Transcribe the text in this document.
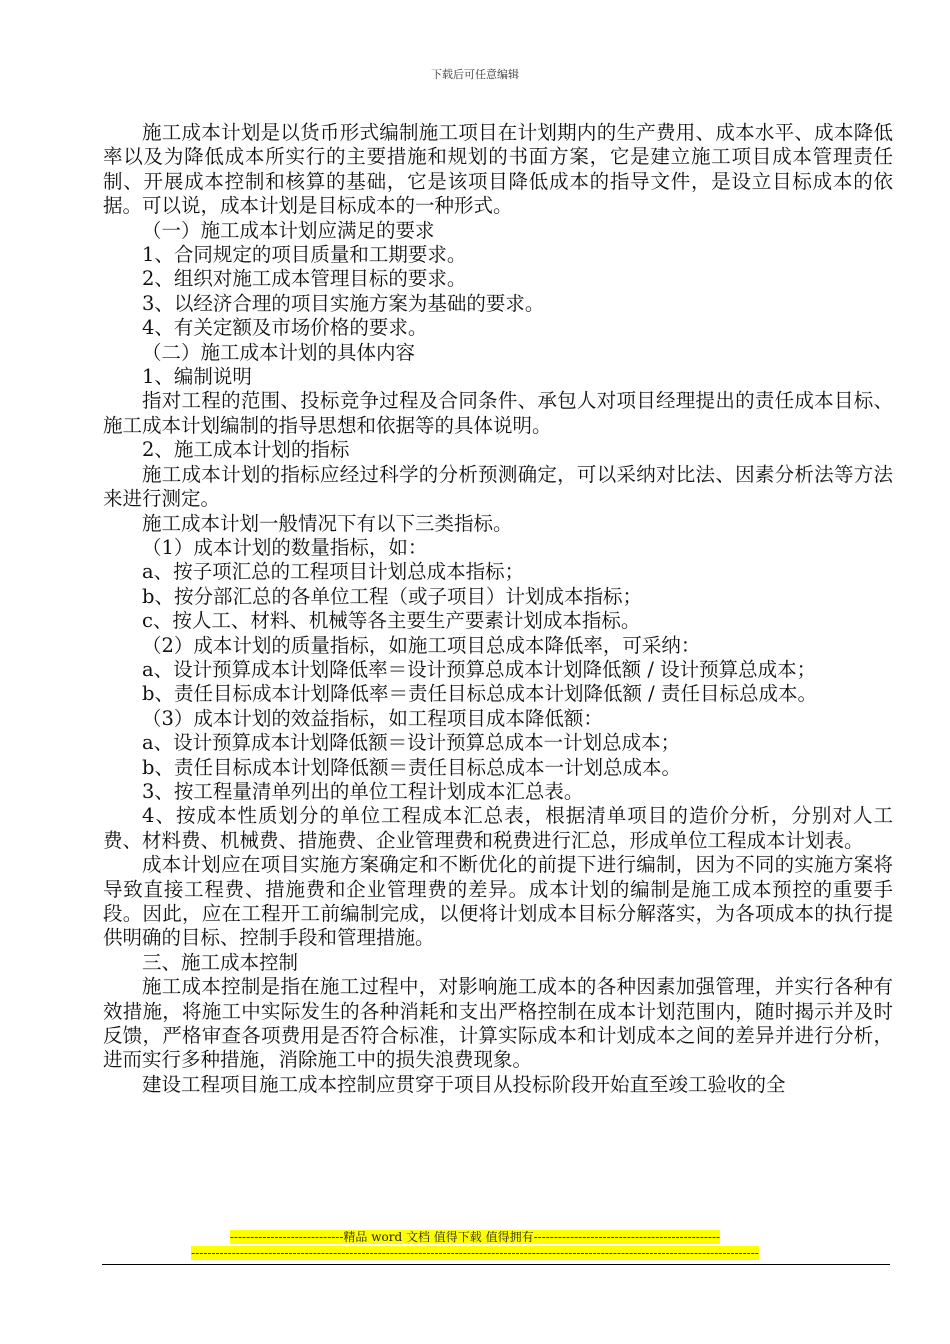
下载后可任意编辑

施工成本计划是以货币形式编制施工项目在计划期内的生产费用、成本水平、成本降低率以及为降低成本所实行的主要措施和规划的书面方案，它是建立施工项目成本管理责任制、开展成本控制和核算的基础，它是该项目降低成本的指导文件，是设立目标成本的依据。可以说，成本计划是目标成本的一种形式。

（一）施工成本计划应满足的要求

1、合同规定的项目质量和工期要求。

2、组织对施工成本管理目标的要求。

3、以经济合理的项目实施方案为基础的要求。

4、有关定额及市场价格的要求。

（二）施工成本计划的具体内容

1、编制说明

指对工程的范围、投标竞争过程及合同条件、承包人对项目经理提出的责任成本目标、施工成本计划编制的指导思想和依据等的具体说明。

2、施工成本计划的指标

施工成本计划的指标应经过科学的分析预测确定，可以采纳对比法、因素分析法等方法来进行测定。

施工成本计划一般情况下有以下三类指标。

（1）成本计划的数量指标，如：

a、按子项汇总的工程项目计划总成本指标；

b、按分部汇总的各单位工程（或子项目）计划成本指标；

c、按人工、材料、机械等各主要生产要素计划成本指标。

（2）成本计划的质量指标，如施工项目总成本降低率，可采纳：

a、设计预算成本计划降低率＝设计预算总成本计划降低额 / 设计预算总成本；

b、责任目标成本计划降低率＝责任目标总成本计划降低额 / 责任目标总成本。

（3）成本计划的效益指标，如工程项目成本降低额：

a、设计预算成本计划降低额＝设计预算总成本一计划总成本；

b、责任目标成本计划降低额＝责任目标总成本一计划总成本。

3、按工程量清单列出的单位工程计划成本汇总表。

4、按成本性质划分的单位工程成本汇总表，根据清单项目的造价分析，分别对人工费、材料费、机械费、措施费、企业管理费和税费进行汇总，形成单位工程成本计划表。

成本计划应在项目实施方案确定和不断优化的前提下进行编制，因为不同的实施方案将导致直接工程费、措施费和企业管理费的差异。成本计划的编制是施工成本预控的重要手段。因此，应在工程开工前编制完成，以便将计划成本目标分解落实，为各项成本的执行提供明确的目标、控制手段和管理措施。

三、施工成本控制

施工成本控制是指在施工过程中，对影响施工成本的各种因素加强管理，并实行各种有效措施，将施工中实际发生的各种消耗和支出严格控制在成本计划范围内，随时揭示并及时反馈，严格审查各项费用是否符合标准，计算实际成本和计划成本之间的差异并进行分析，进而实行多种措施，消除施工中的损失浪费现象。

建设工程项目施工成本控制应贯穿于项目从投标阶段开始直至竣工验收的全

----------------------------精品 word 文档 值得下载 值得拥有----------------------------------------------
--------------------------------------------------------------------------------------------------------------------------------------------
